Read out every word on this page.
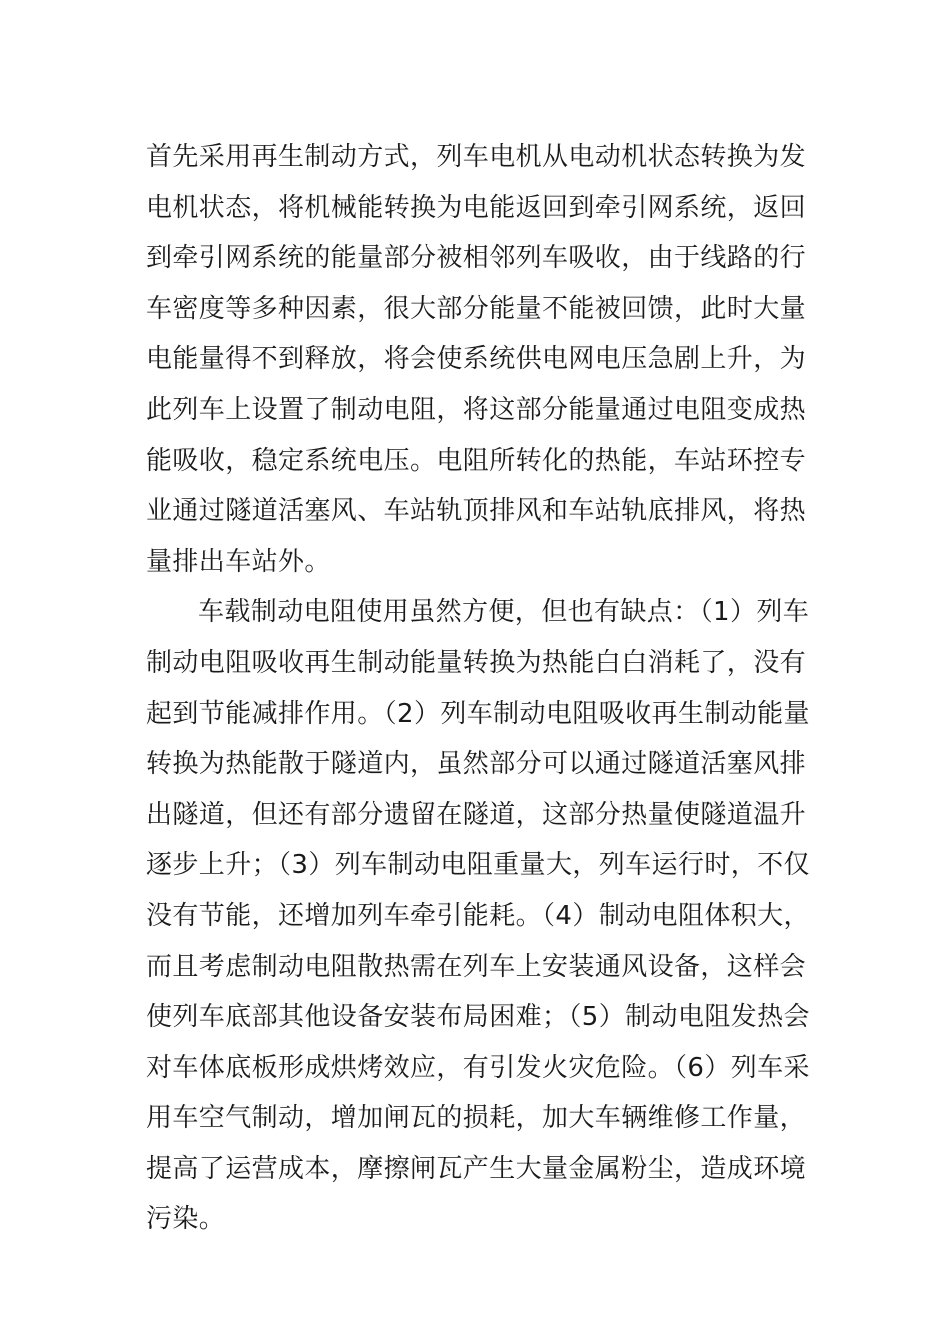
首先采用再生制动方式，列车电机从电动机状态转换为发
电机状态，将机械能转换为电能返回到牵引网系统，返回
到牵引网系统的能量部分被相邻列车吸收，由于线路的行
车密度等多种因素，很大部分能量不能被回馈，此时大量
电能量得不到释放，将会使系统供电网电压急剧上升，为
此列车上设置了制动电阻，将这部分能量通过电阻变成热
能吸收，稳定系统电压。电阻所转化的热能，车站环控专
业通过隧道活塞风、车站轨顶排风和车站轨底排风，将热
量排出车站外。
车载制动电阻使用虽然方便，但也有缺点：（1）列车
制动电阻吸收再生制动能量转换为热能白白消耗了，没有
起到节能减排作用。（2）列车制动电阻吸收再生制动能量
转换为热能散于隧道内，虽然部分可以通过隧道活塞风排
出隧道，但还有部分遗留在隧道，这部分热量使隧道温升
逐步上升；（3）列车制动电阻重量大，列车运行时，不仅
没有节能，还增加列车牵引能耗。（4）制动电阻体积大，
而且考虑制动电阻散热需在列车上安装通风设备，这样会
使列车底部其他设备安装布局困难；（5）制动电阻发热会
对车体底板形成烘烤效应，有引发火灾危险。（6）列车采
用车空气制动，增加闸瓦的损耗，加大车辆维修工作量，
提高了运营成本，摩擦闸瓦产生大量金属粉尘，造成环境
污染。
